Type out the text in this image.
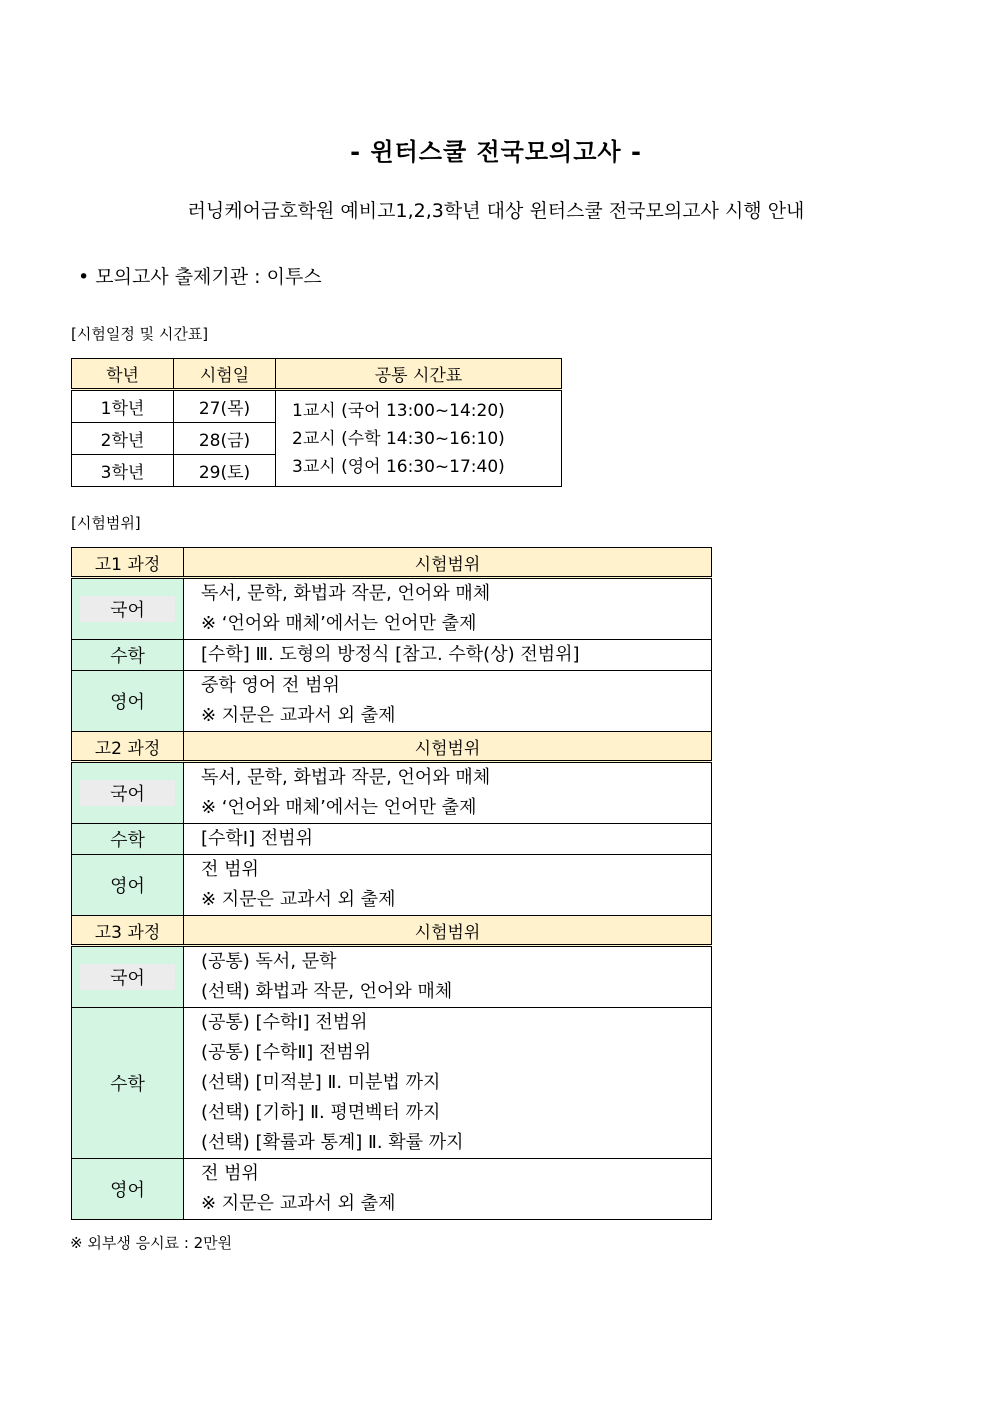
- 윈터스쿨 전국모의고사 -
러닝케어금호학원 예비고1,2,3학년 대상 윈터스쿨 전국모의고사 시행 안내
• 모의고사 출제기관 : 이투스
[시험일정 및 시간표]
학년	시험일	공통 시간표
1학년	27(목)	1교시 (국어 13:00~14:20)
2교시 (수학 14:30~16:10)
3교시 (영어 16:30~17:40)

2학년	28(금)	
3학년	29(토)	
[시험범위]
고1 과정	시험범위
국어	독서, 문학, 화법과 작문, 언어와 매체
※ ‘언어와 매체’에서는 언어만 출제

수학	[수학] Ⅲ. 도형의 방정식 [참고. 수학(상) 전범위]

영어	중학 영어 전 범위
※ 지문은 교과서 외 출제

고2 과정	시험범위
국어	독서, 문학, 화법과 작문, 언어와 매체
※ ‘언어와 매체’에서는 언어만 출제

수학	[수학Ⅰ] 전범위

영어	전 범위
※ 지문은 교과서 외 출제

고3 과정	시험범위
국어	(공통) 독서, 문학
(선택) 화법과 작문, 언어와 매체

수학	(공통) [수학Ⅰ] 전범위
(공통) [수학Ⅱ] 전범위
(선택) [미적분] Ⅱ. 미분법 까지
(선택) [기하] Ⅱ. 평면벡터 까지
(선택) [확률과 통계] Ⅱ. 확률 까지

영어	전 범위
※ 지문은 교과서 외 출제
※ 외부생 응시료 : 2만원
